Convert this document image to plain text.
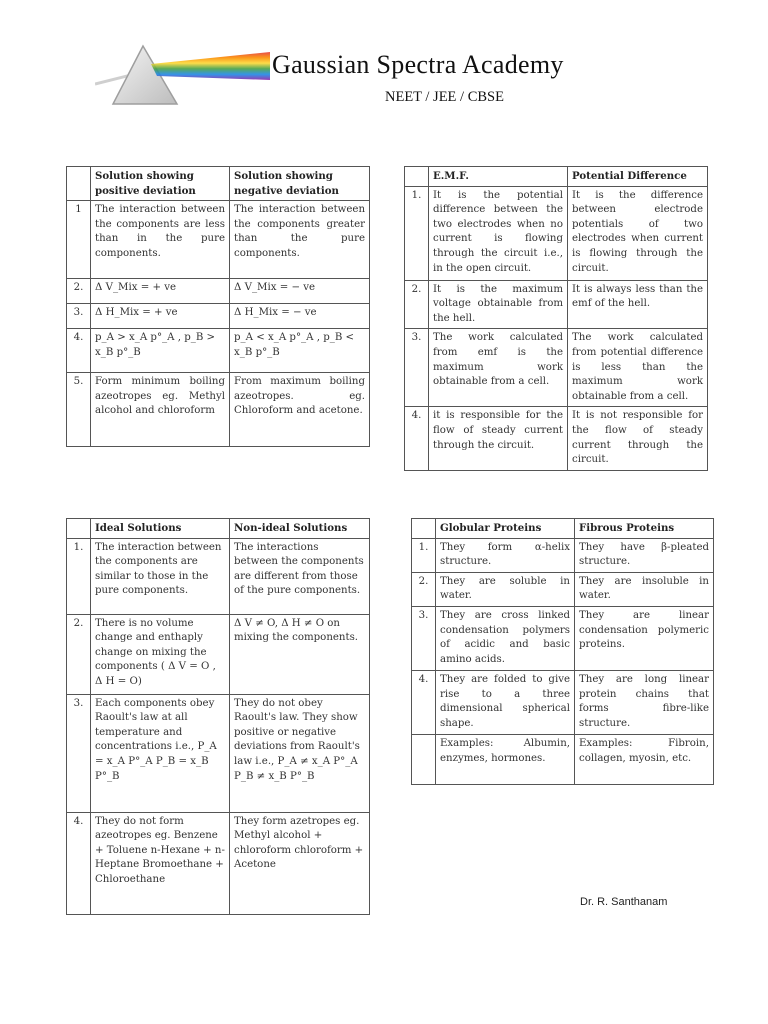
Gaussian Spectra Academy
NEET / JEE / CBSE
	Solution showing positive deviation	Solution showing negative deviation
1	The interaction between the components are less than in the pure components.	The interaction between the components greater than the pure components.
2.	Δ V_Mix = + ve	Δ V_Mix = − ve
3.	Δ H_Mix = + ve	Δ H_Mix = − ve
4.	p_A > x_A p°_A , p_B > x_B p°_B	p_A < x_A p°_A , p_B < x_B p°_B
5.	Form minimum boiling azeotropes eg. Methyl alcohol and chloroform	From maximum boiling azeotropes. eg. Chloroform and acetone.
	E.M.F.	Potential Difference
1.	It is the potential difference between the two electrodes when no current is flowing through the circuit i.e., in the open circuit.	It is the difference between electrode potentials of two electrodes when current is flowing through the circuit.
2.	It is the maximum voltage obtainable from the hell.	It is always less than the emf of the hell.
3.	The work calculated from emf is the maximum work obtainable from a cell.	The work calculated from potential difference is less than the maximum work obtainable from a cell.
4.	it is responsible for the flow of steady current through the circuit.	It is not responsible for the flow of steady current through the circuit.
	Ideal Solutions	Non-ideal Solutions
1.	The interaction between the components are similar to those in the pure components.	The interactions between the components are different from those of the pure components.
2.	There is no volume change and enthaply change on mixing the components ( Δ V = O , Δ H = O)	Δ V ≠ O, Δ H ≠ O on mixing the components.
3.	Each components obey Raoult's law at all temperature and concentrations i.e., P_A = x_A P°_A P_B = x_B P°_B	They do not obey Raoult's law. They show positive or negative deviations from Raoult's law i.e., P_A ≠ x_A P°_A P_B ≠ x_B P°_B
4.	They do not form azeotropes eg. Benzene + Toluene n-Hexane + n-Heptane Bromoethane + Chloroethane	They form azetropes eg. Methyl alcohol + chloroform chloroform + Acetone
	Globular Proteins	Fibrous Proteins
1.	They form α-helix structure.	They have β-pleated structure.
2.	They are soluble in water.	They are insoluble in water.
3.	They are cross linked condensation polymers of acidic and basic amino acids.	They are linear condensation polymeric proteins.
4.	They are folded to give rise to a three dimensional spherical shape.	They are long linear protein chains that forms fibre-like structure.
	Examples: Albumin, enzymes, hormones.	Examples: Fibroin, collagen, myosin, etc.
Dr. R. Santhanam
